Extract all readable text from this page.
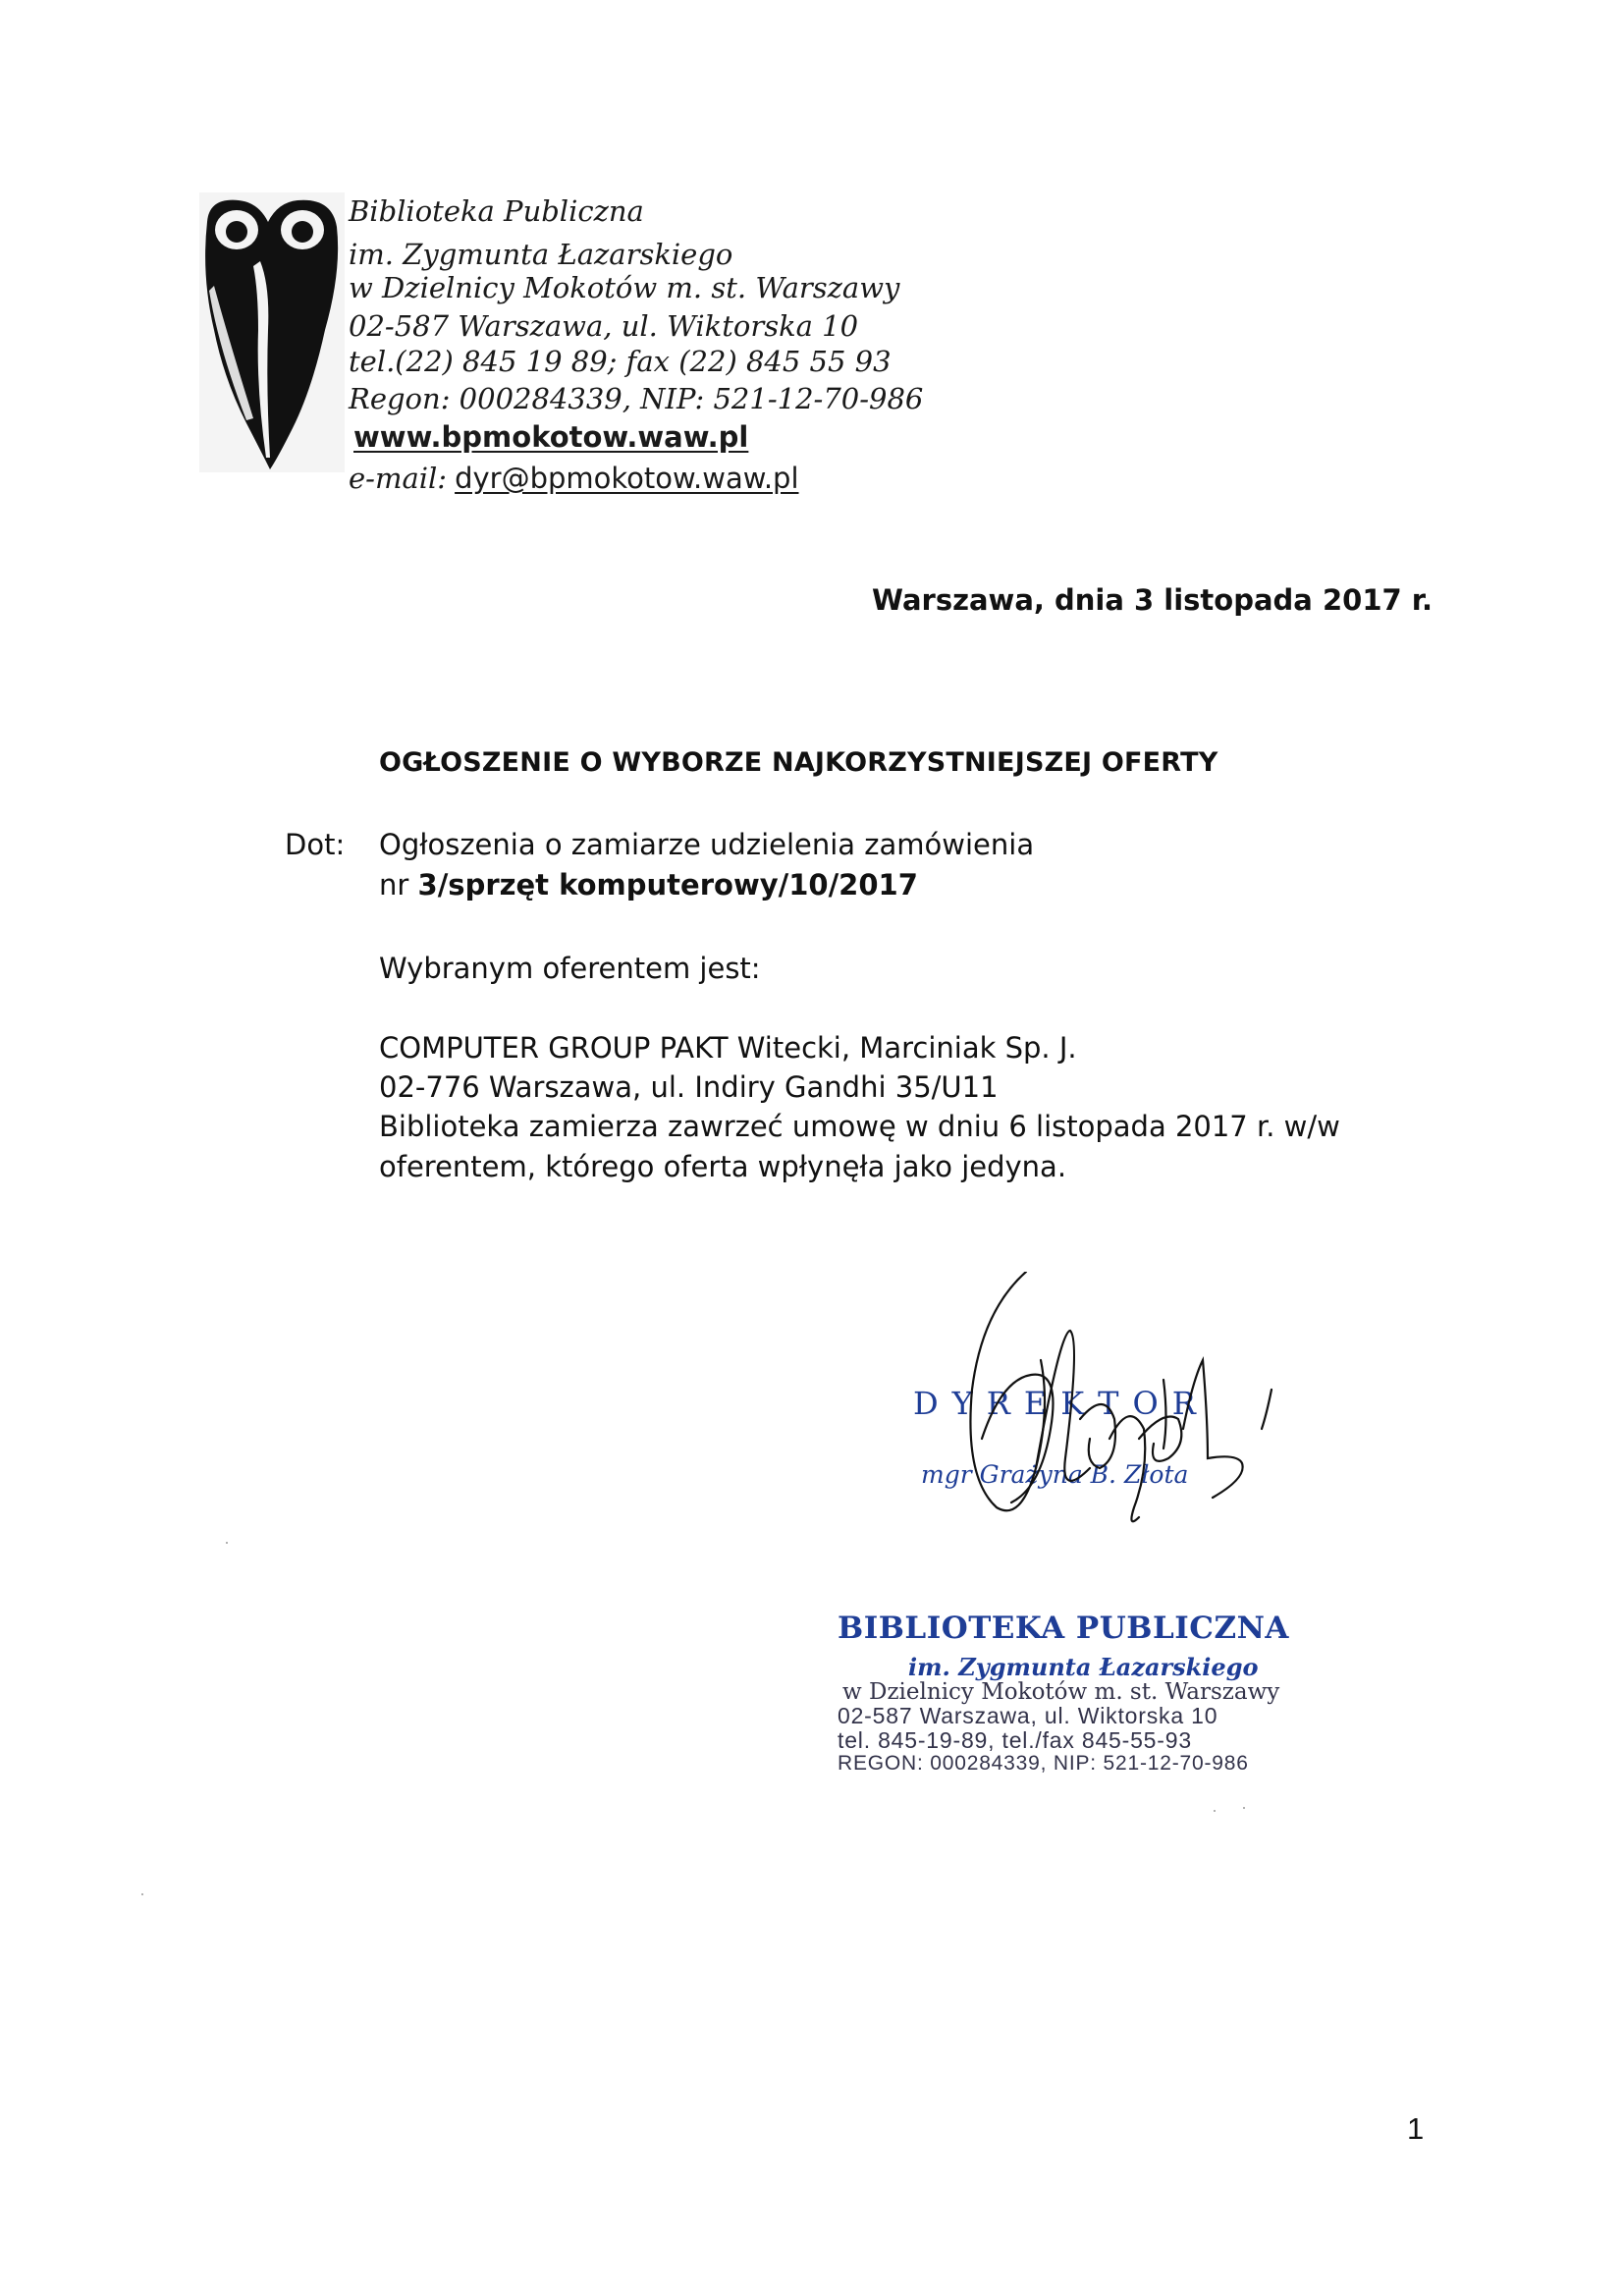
Biblioteka Publiczna
im. Zygmunta Łazarskiego
w Dzielnicy Mokotów m. st. Warszawy
02-587 Warszawa, ul. Wiktorska 10
tel.(22) 845 19 89; fax (22) 845 55 93
Regon: 000284339, NIP: 521-12-70-986
www.bpmokotow.waw.pl
e-mail: dyr@bpmokotow.waw.pl
Warszawa, dnia 3 listopada 2017 r.
OGŁOSZENIE O WYBORZE NAJKORZYSTNIEJSZEJ OFERTY
Dot: Ogłoszenia o zamiarze udzielenia zamówienia
nr 3/sprzęt komputerowy/10/2017
Wybranym oferentem jest:
COMPUTER GROUP PAKT Witecki, Marciniak Sp. J.
02-776 Warszawa, ul. Indiry Gandhi 35/U11
Biblioteka zamierza zawrzeć umowę w dniu 6 listopada 2017 r. w/w
oferentem, którego oferta wpłynęła jako jedyna.
DYREKTOR
mgr Grażyna B. Złota
BIBLIOTEKA PUBLICZNA
im. Zygmunta Łazarskiego
w Dzielnicy Mokotów m. st. Warszawy
02-587 Warszawa, ul. Wiktorska 10
tel. 845-19-89, tel./fax 845-55-93
REGON: 000284339, NIP: 521-12-70-986
1
